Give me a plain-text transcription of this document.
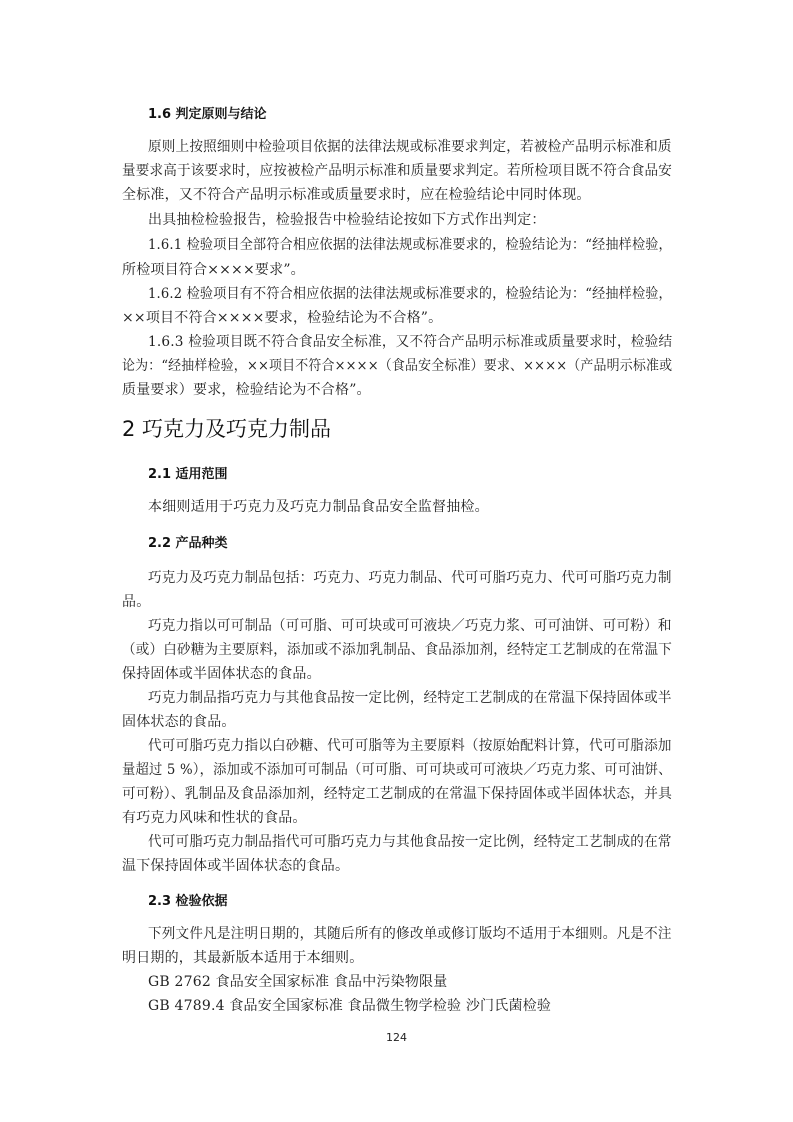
1.6 判定原则与结论
原则上按照细则中检验项目依据的法律法规或标准要求判定，若被检产品明示标准和质
量要求高于该要求时，应按被检产品明示标准和质量要求判定。若所检项目既不符合食品安
全标准，又不符合产品明示标准或质量要求时，应在检验结论中同时体现。
出具抽检检验报告，检验报告中检验结论按如下方式作出判定：
1.6.1 检验项目全部符合相应依据的法律法规或标准要求的，检验结论为：“经抽样检验，
所检项目符合××××要求”。
1.6.2 检验项目有不符合相应依据的法律法规或标准要求的，检验结论为：“经抽样检验，
××项目不符合××××要求，检验结论为不合格”。
1.6.3 检验项目既不符合食品安全标准，又不符合产品明示标准或质量要求时，检验结
论为：“经抽样检验，××项目不符合××××（食品安全标准）要求、××××（产品明示标准或
质量要求）要求，检验结论为不合格”。
2 巧克力及巧克力制品
2.1 适用范围
本细则适用于巧克力及巧克力制品食品安全监督抽检。
2.2 产品种类
巧克力及巧克力制品包括：巧克力、巧克力制品、代可可脂巧克力、代可可脂巧克力制
品。
巧克力指以可可制品（可可脂、可可块或可可液块／巧克力浆、可可油饼、可可粉）和
（或）白砂糖为主要原料，添加或不添加乳制品、食品添加剂，经特定工艺制成的在常温下
保持固体或半固体状态的食品。
巧克力制品指巧克力与其他食品按一定比例，经特定工艺制成的在常温下保持固体或半
固体状态的食品。
代可可脂巧克力指以白砂糖、代可可脂等为主要原料（按原始配料计算，代可可脂添加
量超过 5 %），添加或不添加可可制品（可可脂、可可块或可可液块／巧克力浆、可可油饼、
可可粉）、乳制品及食品添加剂，经特定工艺制成的在常温下保持固体或半固体状态，并具
有巧克力风味和性状的食品。
代可可脂巧克力制品指代可可脂巧克力与其他食品按一定比例，经特定工艺制成的在常
温下保持固体或半固体状态的食品。
2.3 检验依据
下列文件凡是注明日期的，其随后所有的修改单或修订版均不适用于本细则。凡是不注
明日期的，其最新版本适用于本细则。
GB 2762 食品安全国家标准 食品中污染物限量
GB 4789.4 食品安全国家标准 食品微生物学检验 沙门氏菌检验
124
